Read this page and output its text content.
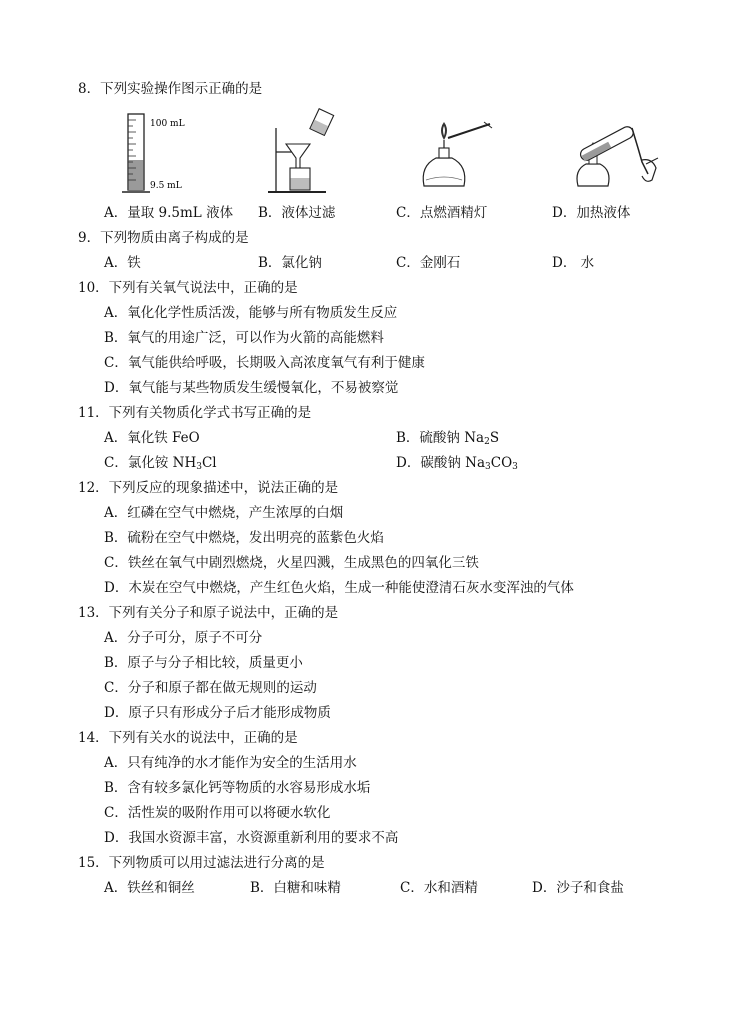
8．下列实验操作图示正确的是
100 mL
9.5 mL
A．量取 9.5mL 液体 B．液体过滤	C．点燃酒精灯	D．加热液体
9．下列物质由离子构成的是
A．铁	B．氯化钠	C．金刚石	D． 水
10．下列有关氧气说法中，正确的是
A．氧化化学性质活泼，能够与所有物质发生反应
B．氧气的用途广泛，可以作为火箭的高能燃料
C．氧气能供给呼吸，长期吸入高浓度氧气有利于健康
D．氧气能与某些物质发生缓慢氧化，不易被察觉
11．下列有关物质化学式书写正确的是
A．氧化铁 FeO	B．硫酸钠 $Na_2S$
C．氯化铵 $NH_3Cl$	D．碳酸钠 $Na_3CO_3$
12．下列反应的现象描述中，说法正确的是
A．红磷在空气中燃烧，产生浓厚的白烟
B．硫粉在空气中燃烧，发出明亮的蓝紫色火焰
C．铁丝在氧气中剧烈燃烧，火星四溅，生成黑色的四氧化三铁
D．木炭在空气中燃烧，产生红色火焰，生成一种能使澄清石灰水变浑浊的气体
13．下列有关分子和原子说法中，正确的是
A．分子可分，原子不可分
B．原子与分子相比较，质量更小
C．分子和原子都在做无规则的运动
D．原子只有形成分子后才能形成物质
14．下列有关水的说法中，正确的是
A．只有纯净的水才能作为安全的生活用水
B．含有较多氯化钙等物质的水容易形成水垢
C．活性炭的吸附作用可以将硬水软化
D．我国水资源丰富，水资源重新利用的要求不高
15．下列物质可以用过滤法进行分离的是
A．铁丝和铜丝	B．白糖和味精	C．水和酒精	D．沙子和食盐
